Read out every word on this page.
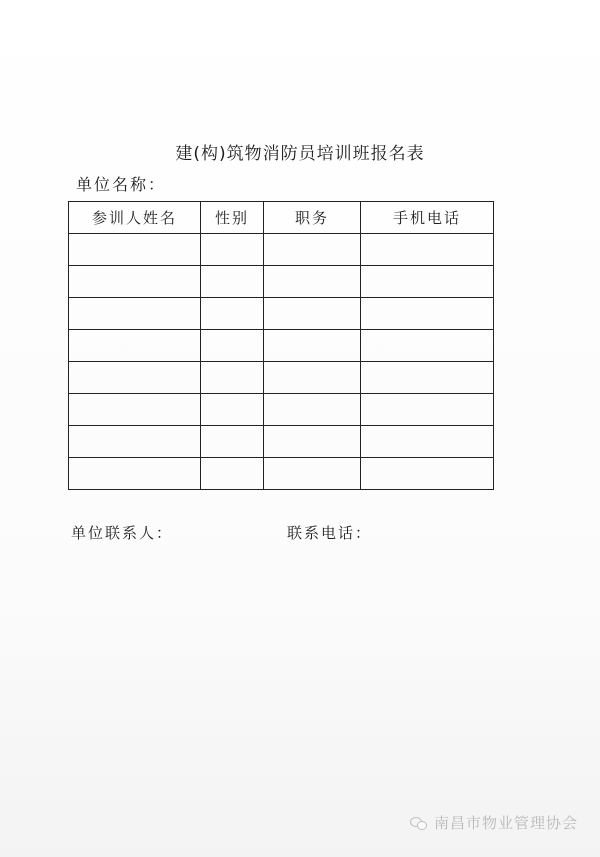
建(构)筑物消防员培训班报名表
单位名称：
参训人姓名	性别	职务	手机电话

单位联系人：	联系电话：
南昌市物业管理协会
